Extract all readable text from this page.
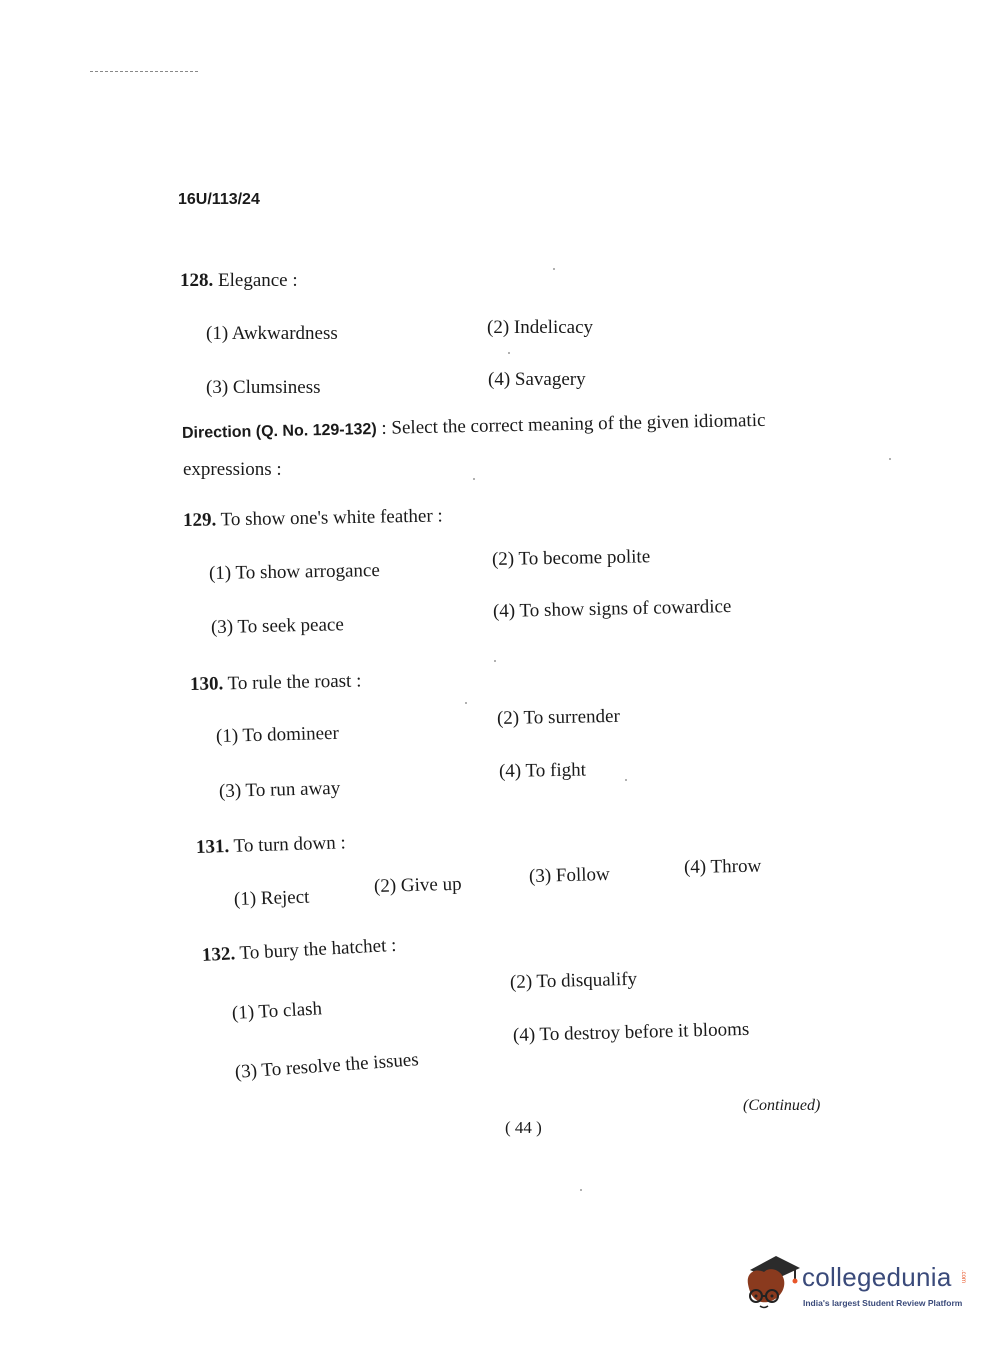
16U/113/24
128. Elegance :
(1) Awkwardness	(2) Indelicacy
(3) Clumsiness	(4) Savagery
Direction (Q. No. 129-132) : Select the correct meaning of the given idiomatic
expressions :
129. To show one's white feather :
(1) To show arrogance
(2) To become polite
(3) To seek peace
(4) To show signs of cowardice
130. To rule the roast :
(1) To domineer
(2) To surrender
(3) To run away
(4) To fight
131. To turn down :
(1) Reject
(2) Give up	(3) Follow	(4) Throw
132. To bury the hatchet :
(1) To clash
(2) To disqualify
(3) To resolve the issues
(4) To destroy before it blooms
(Continued)
( 44 )
collegedunia .com
India's largest Student Review Platform
